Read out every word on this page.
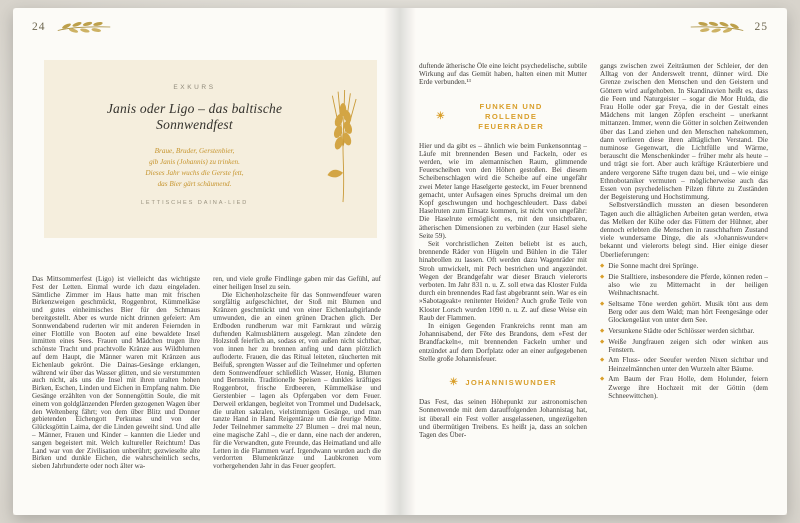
24
EXKURS
Janis oder Ligo – das baltische Sonnwendfest
Braue, Bruder, Gerstenbier,
gib Janis (Johannis) zu trinken.
Dieses Jahr wuchs die Gerste fett,
das Bier gärt schäumend.
LETTISCHES DAINA-LIED

Das Mittsommerfest (Ligo) ist vielleicht das wichtigste Fest der Letten. Einmal wurde ich dazu eingeladen. Sämtliche Zimmer im Haus hatte man mit frischen Birkenzweigen geschmückt, Roggenbrot, Kümmelkäse und gutes einheimisches Bier für den Schmaus bereitgestellt. Aber es wurde nicht drinnen gefeiert: Am Sonnwendabend ruderten wir mit anderen Feiernden in einer Flottille von Booten auf eine bewaldete Insel inmitten eines Sees. Frauen und Mädchen trugen ihre schönste Tracht und prachtvolle Kränze aus Wildblumen auf dem Haupt, die Männer waren mit Kränzen aus Eichenlaub gekrönt. Die Dainas-Gesänge erklangen, während wir über das Wasser glitten, und sie verstummten auch nicht, als uns die Insel mit ihren uralten hohen Birken, Eschen, Linden und Eichen in Empfang nahm. Die Gesänge erzählten von der Sonnengöttin Soule, die mit einem von goldglänzenden Pferden gezogenen Wagen über den Weltenberg fährt; von dem über Blitz und Donner gebietenden Eichengott Perkunas und von der Glücksgöttin Laima, der die Linden geweiht sind. Und alle – Männer, Frauen und Kinder – kannten die Lieder und sangen begeistert mit. Welch kultureller Reichtum! Das Land war von der Zivilisation unberührt; gezwieselte alte Birken und dunkle Eichen, die wahrscheinlich sechs, sieben Jahrhunderte oder noch älter wa-

ren, und viele große Findlinge gaben mir das Gefühl, auf einer heiligen Insel zu sein.

Die Eichenholzscheite für das Sonnwendfeuer waren sorgfältig aufgeschichtet, der Stoß mit Blumen und Kränzen geschmückt und von einer Eichenlaubgirlande umwunden, die an einen grünen Drachen glich. Der Erdboden rundherum war mit Farnkraut und würzig duftenden Kalmusblättern ausgelegt. Man zündete den Holzstoß feierlich an, sodass er, von außen nicht sichtbar, von innen her zu brennen anfing und dann plötzlich aufloderte. Frauen, die das Ritual leiteten, räucherten mit Beifuß, sprengten Wasser auf die Teilnehmer und opferten dem Sonnwendfeuer schließlich Wasser, Honig, Blumen und Bernstein. Traditionelle Speisen – dunkles kräftiges Roggenbrot, frische Erdbeeren, Kümmelkäse und Gerstenbier – lagen als Opfergaben vor dem Feuer. Derweil erklangen, begleitet von Trommel und Dudelsack, die uralten sakralen, vielstimmigen Gesänge, und man tanzte Hand in Hand Reigentänze um die feurige Mitte. Jeder Teilnehmer sammelte 27 Blumen – drei mal neun, eine magische Zahl –, die er dann, eine nach der anderen, für die Verwandten, gute Freunde, das Heimatland und alle Letten in die Flammen warf. Irgendwann wurden auch die verdorrten Blumenkränze und Laubkronen vom vorhergehenden Jahr in das Feuer geopfert.

25

duftende ätherische Öle eine leicht psychedelische, subtile Wirkung auf das Gemüt haben, halten einen mit Mutter Erde verbunden.¹³

☀
FUNKEN UND ROLLENDE FEUERRÄDER

Hier und da gibt es – ähnlich wie beim Funkensonntag – Läufe mit brennenden Besen und Fackeln, oder es werden, wie im alemannischen Raum, glimmende Feuerscheiben von den Höhen gestoßen. Bei diesem Scheibenschlagen wird die Scheibe auf eine ungefähr zwei Meter lange Haselgerte gesteckt, im Feuer brennend gemacht, unter Aufsagen eines Spruchs dreimal um den Kopf geschwungen und hochgeschleudert. Dass dabei Haselruten zum Einsatz kommen, ist nicht von ungefähr: Die Haselrute ermöglicht es, mit den unsichtbaren, ätherischen Dimensionen zu verbinden (zur Hasel siehe Seite 59).

Seit vorchristlichen Zeiten beliebt ist es auch, brennende Räder von Hügeln und Bühlen in die Täler hinabrollen zu lassen. Oft werden dazu Wagenräder mit Stroh umwickelt, mit Pech bestrichen und angezündet. Wegen der Brandgefahr war dieser Brauch vielerorts verboten. Im Jahr 831 n. u. Z. soll etwa das Kloster Fulda durch ein brennendes Rad fast abgebrannt sein. War es ein »Sabotageakt« renitenter Heiden? Auch große Teile von Kloster Lorsch wurden 1090 n. u. Z. auf diese Weise ein Raub der Flammen.

In einigen Gegenden Frankreichs rennt man am Johannisabend, der Fête des Brandons, dem »Fest der Brandfackeln«, mit brennenden Fackeln umher und entzündet auf dem Dorfplatz oder an einer aufgegebenen Stelle große Johannisfeuer.

☀ JOHANNISWUNDER

Das Fest, das seinen Höhepunkt zur astronomischen Sonnenwende mit dem darauffolgenden Johannistag hat, ist überall ein Fest voller ausgelassenen, ungezügelten und übermütigen Treibens. Es heißt ja, dass an solchen Tagen des Über-

gangs zwischen zwei Zeiträumen der Schleier, der den Alltag von der Anderswelt trennt, dünner wird. Die Grenze zwischen den Menschen und den Geistern und Göttern wird aufgehoben. In Skandinavien heißt es, dass die Feen und Naturgeister – sogar die Mor Hulda, die Frau Holle oder gar Freya, die in der Gestalt eines Mädchens mit langen Zöpfen erscheint – unerkannt mittanzen. Immer, wenn die Götter in solchen Zeitwenden über das Land ziehen und den Menschen nahekommen, dann verlieren diese ihren alltäglichen Verstand. Die numinose Gegenwart, die Lichtfülle und Wärme, berauscht die Menschenkinder – früher mehr als heute – und trägt sie fort. Aber auch kräftige Kräuterbiere und andere vergorene Säfte trugen dazu bei, und – wie einige Ethnobotaniker vermuten – möglicherweise auch das Essen von psychedelischen Pilzen führte zu Zuständen der Begeisterung und Hochstimmung.

Selbstverständlich mussten an diesen besonderen Tagen auch die alltäglichen Arbeiten getan werden, etwa das Melken der Kühe oder das Füttern der Hühner, aber dennoch erlebten die Menschen in rauschhaftem Zustand viele wundersame Dinge, die als »Johanniswunder« bekannt und vielerorts belegt sind. Hier einige dieser Überlieferungen:

◆ Die Sonne macht drei Sprünge.
◆ Die Stalltiere, insbesondere die Pferde, können reden – also wie zu Mitternacht in der heiligen Weihnachtsnacht.
◆ Seltsame Töne werden gehört. Musik tönt aus dem Berg oder aus dem Wald; man hört Feengesänge oder Glockengeläut von unter dem See.
◆ Versunkene Städte oder Schlösser werden sichtbar.
◆ Weiße Jungfrauen zeigen sich oder winken aus Fenstern.
◆ Am Fluss- oder Seeufer werden Nixen sichtbar und Heinzelmännchen unter den Wurzeln alter Bäume.
◆ Am Baum der Frau Holle, dem Holunder, feiern Zwerge ihre Hochzeit mit der Göttin (dem Schneewittchen).
